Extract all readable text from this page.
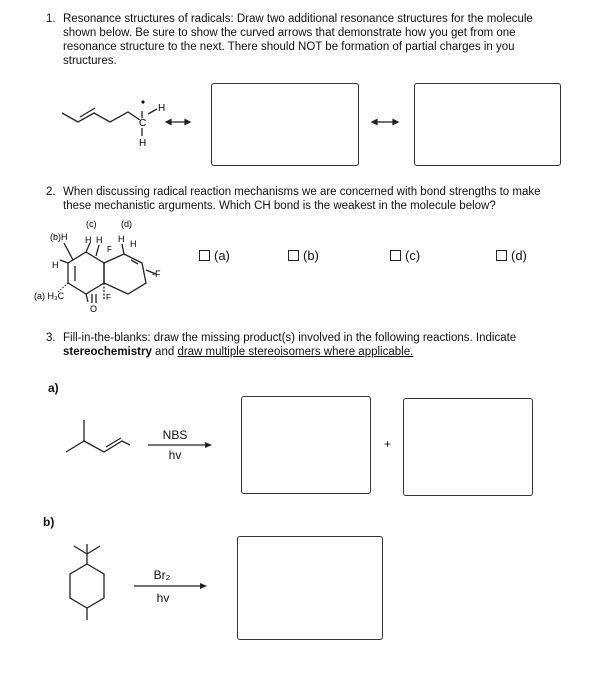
1. Resonance structures of radicals: Draw two additional resonance structures for the molecule
shown below. Be sure to show the curved arrows that demonstrate how you get from one
resonance structure to the next. There should NOT be formation of partial charges in you
structures.
C
H
H
2. When discussing radical reaction mechanisms we are concerned with bond strengths to make
these mechanistic arguments. Which CH bond is the weakest in the molecule below?
(c)	(d)
(b)H H H H H
F
-F
H
(a) H₃C
O
F
(a)	(b)	(c)	(d)
3. Fill-in-the-blanks: draw the missing product(s) involved in the following reactions. Indicate
stereochemistry and draw multiple stereoisomers where applicable.
a)
NBS
hv
+
b)
Br₂
hv
